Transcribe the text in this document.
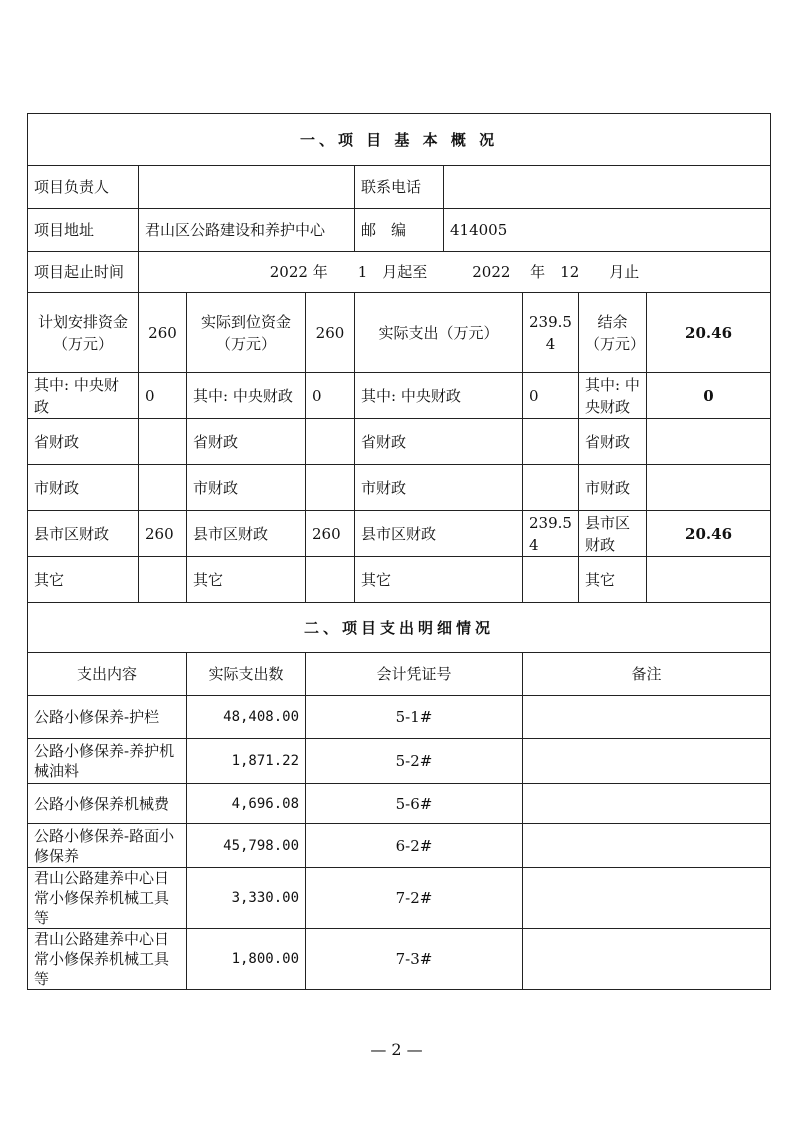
一、项 目 基 本 概 况								
项目负责人				联系电话				
项目地址	君山区公路建设和养护中心			邮　编	414005			
项目起止时间	2022 年　　1　月起至　　　2022　 年　12　　月止							
计划安排资金（万元）	260	实际到位资金（万元）	260	实际支出（万元）		239.54	结余（万元）	20.46
其中: 中央财政	0	其中: 中央财政	0	其中: 中央财政		0	其中: 中央财政	0
省财政		省财政		省财政			省财政	
市财政		市财政		市财政			市财政	
县市区财政	260	县市区财政	260	县市区财政		239.54	县市区财政	20.46
其它		其它		其它			其它	
二、项目支出明细情况								
支出内容		实际支出数	会计凭证号			备注		
公路小修保养-护栏		48,408.00	5-1#					
公路小修保养-养护机械油料		1,871.22	5-2#					
公路小修保养机械费		4,696.08	5-6#					
公路小修保养-路面小修保养		45,798.00	6-2#					
君山公路建养中心日常小修保养机械工具等		3,330.00	7-2#					
君山公路建养中心日常小修保养机械工具等		1,800.00	7-3#					
— 2 —
